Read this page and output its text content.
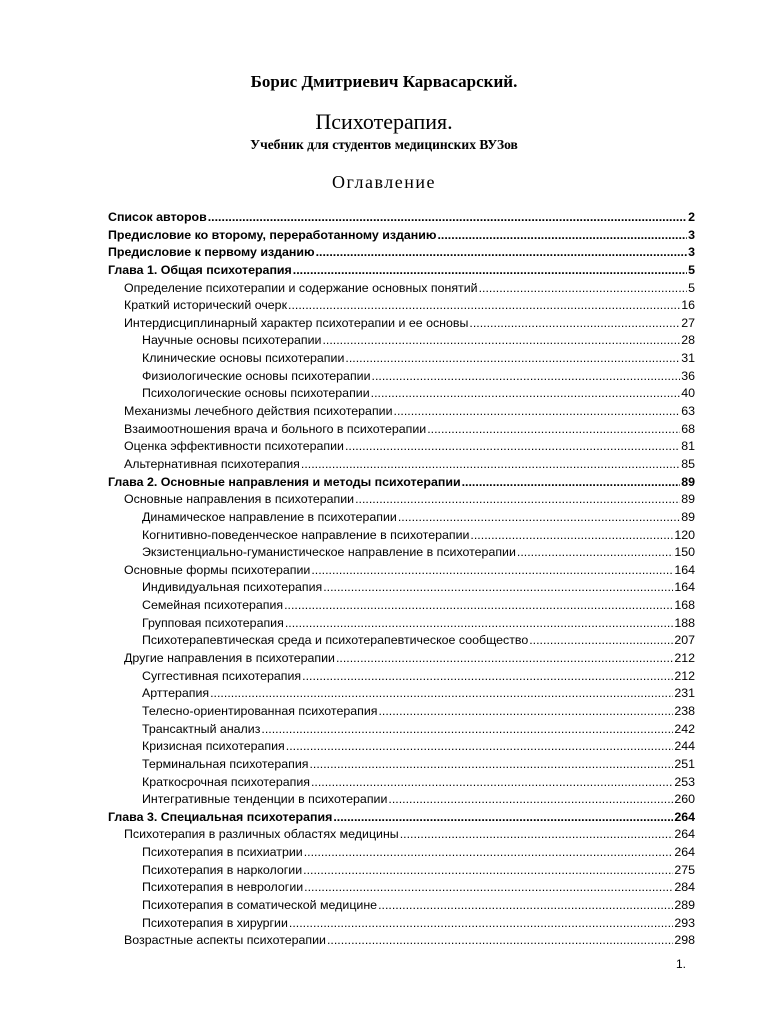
Борис Дмитриевич Карвасарский.
Психотерапия.
Учебник для студентов медицинских ВУЗов
Оглавление
Список авторов .....	2
Предисловие ко второму, переработанному изданию .....	3
Предисловие к первому изданию .....	3
Глава 1. Общая психотерапия .....	5
Определение психотерапии и содержание основных понятий .....	5
Краткий исторический очерк .....	16
Интердисциплинарный характер психотерапии и ее основы .....	27
Научные основы психотерапии .....	28
Клинические основы психотерапии .....	31
Физиологические основы психотерапии .....	36
Психологические основы психотерапии .....	40
Механизмы лечебного действия психотерапии .....	63
Взаимоотношения врача и больного в психотерапии .....	68
Оценка эффективности психотерапии .....	81
Альтернативная психотерапия .....	85
Глава 2. Основные направления и методы психотерапии .....	89
Основные направления в психотерапии .....	89
Динамическое направление в психотерапии .....	89
Когнитивно-поведенческое направление в психотерапии .....	120
Экзистенциально-гуманистическое направление в психотерапии .....	150
Основные формы психотерапии .....	164
Индивидуальная психотерапия .....	164
Семейная психотерапия .....	168
Групповая психотерапия .....	188
Психотерапевтическая среда и психотерапевтическое сообщество .....	207
Другие направления в психотерапии .....	212
Суггестивная психотерапия .....	212
Арттерапия .....	231
Телесно-ориентированная психотерапия .....	238
Трансактный анализ .....	242
Кризисная психотерапия .....	244
Терминальная психотерапия .....	251
Краткосрочная психотерапия .....	253
Интегративные тенденции в психотерапии .....	260
Глава 3. Специальная психотерапия .....	264
Психотерапия в различных областях медицины .....	264
Психотерапия в психиатрии .....	264
Психотерапия в наркологии .....	275
Психотерапия в неврологии .....	284
Психотерапия в соматической медицине .....	289
Психотерапия в хирургии .....	293
Возрастные аспекты психотерапии .....	298
1.
